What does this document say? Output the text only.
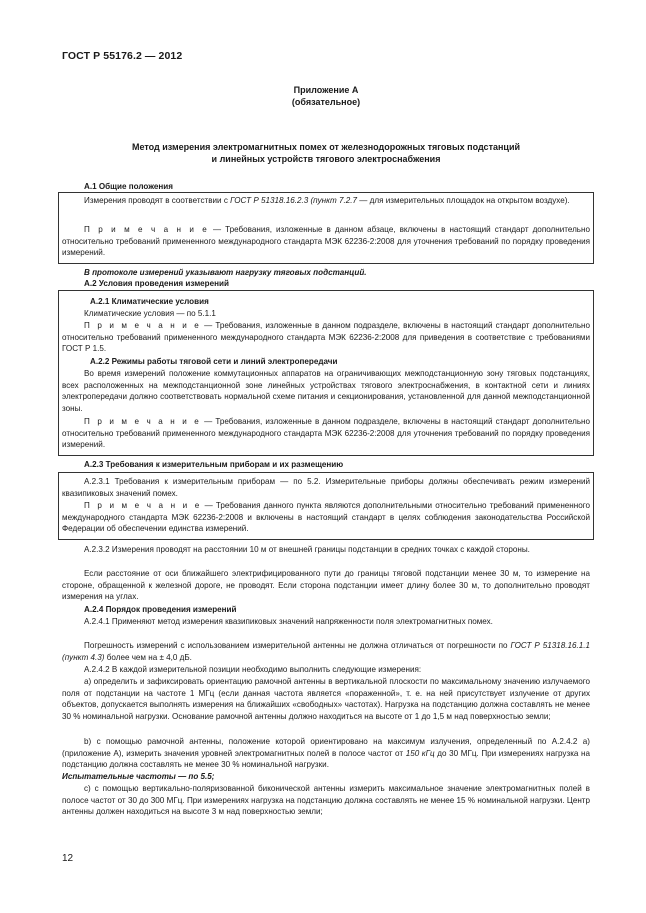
ГОСТ Р 55176.2 — 2012
Приложение А
(обязательное)
Метод измерения электромагнитных помех от железнодорожных тяговых подстанций
и линейных устройств тягового электроснабжения
А.1 Общие положения
Измерения проводят в соответствии с ГОСТ Р 51318.16.2.3 (пункт 7.2.7 — для измерительных площадок на открытом воздухе).
П р и м е ч а н и е — Требования, изложенные в данном абзаце, включены в настоящий стандарт дополнительно относительно требований примененного международного стандарта МЭК 62236-2:2008 для уточнения требований по порядку проведения измерений.
В протоколе измерений указывают нагрузку тяговых подстанций.
А.2 Условия проведения измерений
А.2.1 Климатические условия
Климатические условия — по 5.1.1
П р и м е ч а н и е — Требования, изложенные в данном подразделе, включены в настоящий стандарт дополнительно относительно требований примененного международного стандарта МЭК 62236-2:2008 для приведения в соответствие с требованиями ГОСТ Р 1.5.
А.2.2 Режимы работы тяговой сети и линий электропередачи
Во время измерений положение коммутационных аппаратов на ограничивающих межподстанционную зону тяговых подстанциях, всех расположенных на межподстанционной зоне линейных устройствах тягового электроснабжения, в контактной сети и линиях электропередачи должно соответствовать нормальной схеме питания и секционирования, установленной для данной межподстанционной зоны.
П р и м е ч а н и е — Требования, изложенные в данном подразделе, включены в настоящий стандарт дополнительно относительно требований примененного международного стандарта МЭК 62236-2:2008 для уточнения требований по порядку проведения измерений.
А.2.3 Требования к измерительным приборам и их размещению
А.2.3.1 Требования к измерительным приборам — по 5.2. Измерительные приборы должны обеспечивать режим измерений квазипиковых значений помех.
П р и м е ч а н и е — Требования данного пункта являются дополнительными относительно требований примененного международного стандарта МЭК 62236-2:2008 и включены в настоящий стандарт в целях соблюдения законодательства Российской Федерации об обеспечении единства измерений.
А.2.3.2 Измерения проводят на расстоянии 10 м от внешней границы подстанции в средних точках с каждой стороны.
Если расстояние от оси ближайшего электрифицированного пути до границы тяговой подстанции менее 30 м, то измерение на стороне, обращенной к железной дороге, не проводят. Если сторона подстанции имеет длину более 30 м, то дополнительно проводят измерения на углах.
А.2.4 Порядок проведения измерений
А.2.4.1 Применяют метод измерения квазипиковых значений напряженности поля электромагнитных помех.
Погрешность измерений с использованием измерительной антенны не должна отличаться от погрешности по ГОСТ Р 51318.16.1.1 (пункт 4.3) более чем на ± 4,0 дБ.
А.2.4.2 В каждой измерительной позиции необходимо выполнить следующие измерения:
а) определить и зафиксировать ориентацию рамочной антенны в вертикальной плоскости по максимальному значению излучаемого поля от подстанции на частоте 1 МГц (если данная частота является «пораженной», т. е. на ней присутствует излучение от других объектов, допускается выполнять измерения на ближайших «свободных» частотах). Нагрузка на подстанцию должна составлять не менее 30 % номинальной нагрузки. Основание рамочной антенны должно находиться на высоте от 1 до 1,5 м над поверхностью земли;
b) с помощью рамочной антенны, положение которой ориентировано на максимум излучения, определенный по А.2.4.2 а) (приложение А), измерить значения уровней электромагнитных полей в полосе частот от 150 кГц до 30 МГц. При измерениях нагрузка на подстанцию должна составлять не менее 30 % номинальной нагрузки.
Испытательные частоты — по 5.5;
с) с помощью вертикально-поляризованной биконической антенны измерить максимальное значение электромагнитных полей в полосе частот от 30 до 300 МГц. При измерениях нагрузка на подстанцию должна составлять не менее 15 % номинальной нагрузки. Центр антенны должен находиться на высоте 3 м над поверхностью земли;
12
